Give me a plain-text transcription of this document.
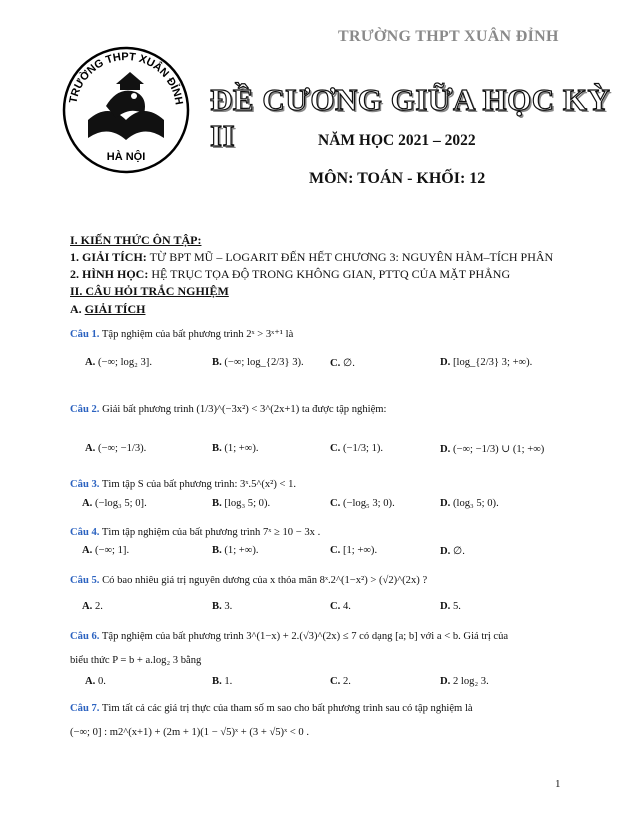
TRƯỜNG THPT XUÂN ĐỈNH
TRƯỜNG THPT XUÂN ĐỈNH
HÀ NỘI
ĐỀ CƯƠNG GIỮA HỌC KỲ II	NĂM HỌC 2021 – 2022
MÔN: TOÁN - KHỐI: 12
I. KIẾN THỨC ÔN TẬP:
1. GIẢI TÍCH: TỪ BPT MŨ – LOGARIT ĐẾN HẾT CHƯƠNG 3: NGUYÊN HÀM–TÍCH PHÂN
2. HÌNH HỌC: HỆ TRỤC TỌA ĐỘ TRONG KHÔNG GIAN, PTTQ CỦA MẶT PHẲNG
II. CÂU HỎI TRẮC NGHIỆM
A. GIẢI TÍCH
Câu 1. Tập nghiệm của bất phương trình 2ˣ > 3ˣ⁺¹ là
A. (−∞; log₂ 3].	B. (−∞; log_{2/3} 3). C. ∅.	D. [log_{2/3} 3; +∞).
Câu 2. Giải bất phương trình (1/3)^(−3x²) < 3^(2x+1) ta được tập nghiệm:
A. (−∞; −1/3).	B. (1; +∞).	C. (−1/3; 1).	D. (−∞; −1/3) ∪ (1; +∞)
Câu 3. Tìm tập S của bất phương trình: 3ˣ.5^(x²) < 1.
A. (−log₃ 5; 0].	B. [log₃ 5; 0).	C. (−log₅ 3; 0).	D. (log₃ 5; 0).
Câu 4. Tìm tập nghiệm của bất phương trình 7ˣ ≥ 10 − 3x .
A. (−∞; 1].	B. (1; +∞).	C. [1; +∞).	D. ∅.
Câu 5. Có bao nhiêu giá trị nguyên dương của x thỏa mãn 8ˣ.2^(1−x²) > (√2)^(2x) ?
A. 2.	B. 3.	C. 4.	D. 5.
Câu 6. Tập nghiệm của bất phương trình 3^(1−x) + 2.(√3)^(2x) ≤ 7 có dạng [a; b] với a < b. Giá trị của
biểu thức P = b + a.log₂ 3 bằng
A. 0.	B. 1.	C. 2.	D. 2 log₂ 3.
Câu 7. Tìm tất cả các giá trị thực của tham số m sao cho bất phương trình sau có tập nghiệm là
(−∞; 0] : m2^(x+1) + (2m + 1)(1 − √5)ˣ + (3 + √5)ˣ < 0 .
1
